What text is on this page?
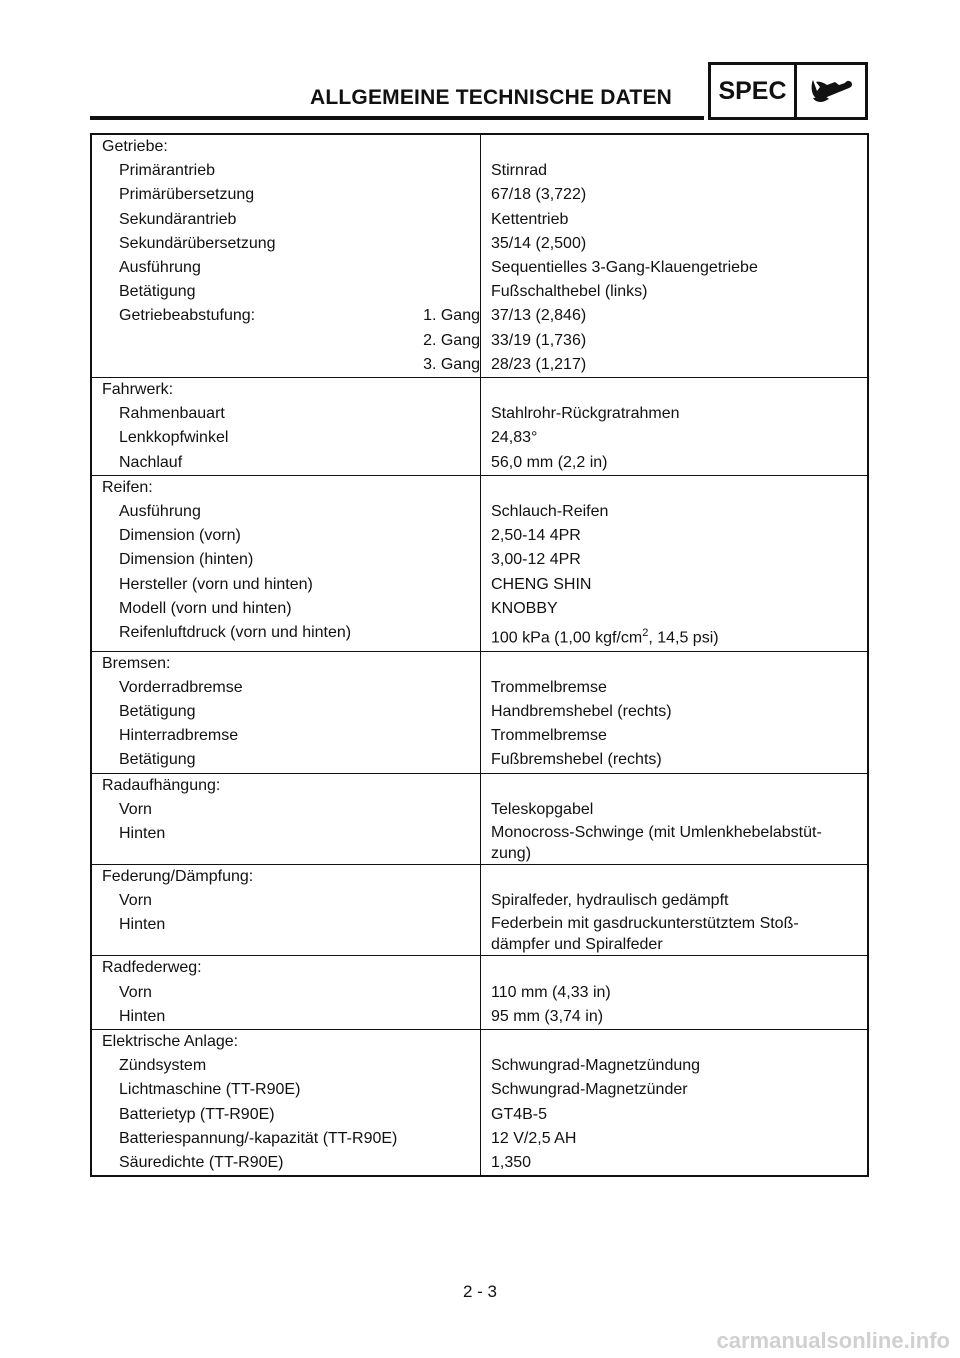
ALLGEMEINE TECHNISCHE DATEN SPEC
Getriebe:	

Primärantrieb	Stirnrad

Primärübersetzung	67/18 (3,722)

Sekundärantrieb	Kettentrieb

Sekundärübersetzung	35/14 (2,500)

Ausführung	Sequentielles 3-Gang-Klauengetriebe

Betätigung	Fußschalthebel (links)

Getriebeabstufung: 1. Gang	37/13 (2,846)

2. Gang	33/19 (1,736)

3. Gang	28/23 (1,217)

Fahrwerk:	

Rahmenbauart	Stahlrohr-Rückgratrahmen

Lenkkopfwinkel	24,83°

Nachlauf	56,0 mm (2,2 in)

Reifen:	

Ausführung	Schlauch-Reifen

Dimension (vorn)	2,50-14 4PR

Dimension (hinten)	3,00-12 4PR

Hersteller (vorn und hinten)	CHENG SHIN

Modell (vorn und hinten)	KNOBBY

Reifenluftdruck (vorn und hinten)	100 kPa (1,00 kgf/$cm^2$, 14,5 psi)

Bremsen:	

Vorderradbremse	Trommelbremse

Betätigung	Handbremshebel (rechts)

Hinterradbremse	Trommelbremse

Betätigung	Fußbremshebel (rechts)

Radaufhängung:	

Vorn	Teleskopgabel

Hinten	Monocross-Schwinge (mit Umlenkhebelabstüt-
zung)

Federung/Dämpfung:	

Vorn	Spiralfeder, hydraulisch gedämpft

Hinten	Federbein mit gasdruckunterstütztem Stoß-
dämpfer und Spiralfeder

Radfederweg:	

Vorn	110 mm (4,33 in)

Hinten	95 mm (3,74 in)

Elektrische Anlage:	

Zündsystem	Schwungrad-Magnetzündung

Lichtmaschine (TT-R90E)	Schwungrad-Magnetzünder

Batterietyp (TT-R90E)	GT4B-5

Batteriespannung/-kapazität (TT-R90E)	12 V/2,5 AH

Säuredichte (TT-R90E)	1,350
2 - 3
carmanualsonline.info
